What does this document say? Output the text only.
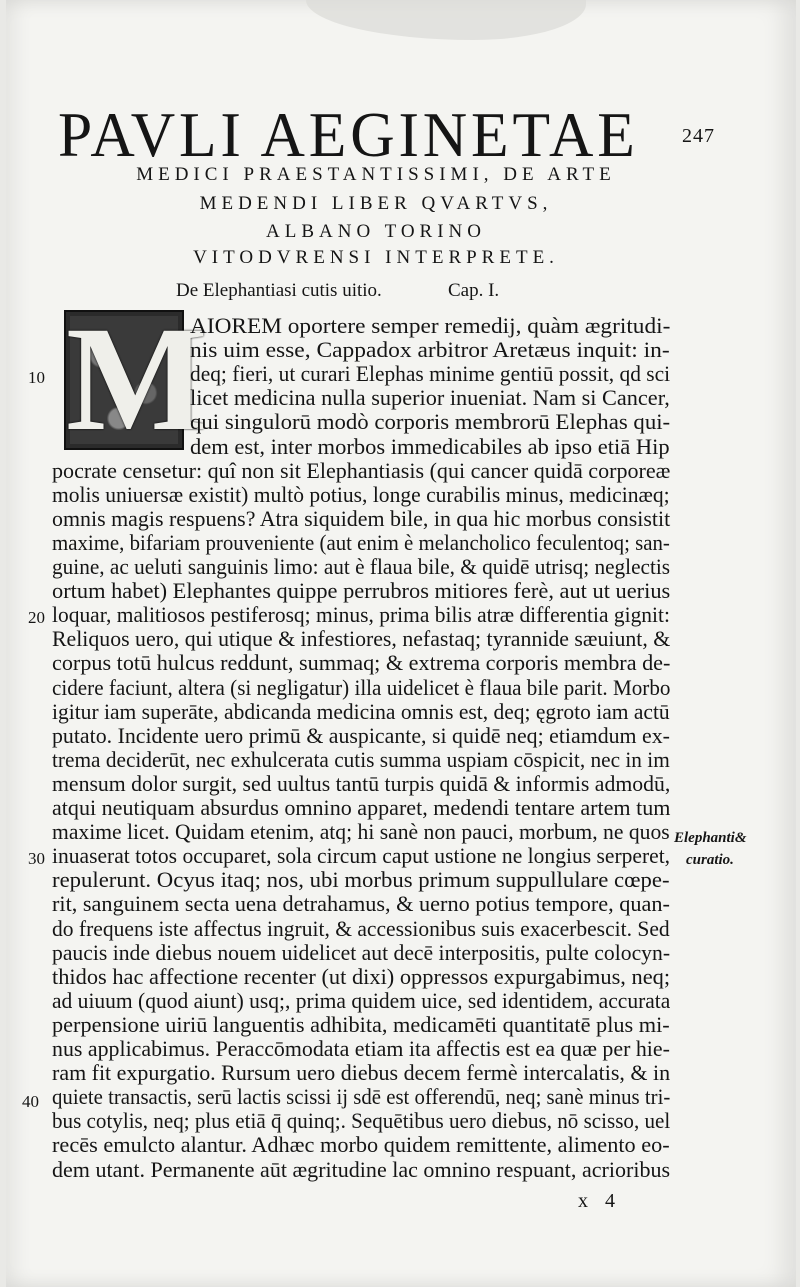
PAVLI AEGINETAE	247
MEDICI PRAESTANTISSIMI, DE ARTE
MEDENDI LIBER QVARTVS,
ALBANO TORINO
VITODVRENSI INTERPRETE.
De Elephantiasi cutis uitio.	Cap. I.
M
AIOREM oportere semper remedij, quàm ægritudi-
nis uim esse, Cappadox arbitror Aretæus inquit: in-
deq; fieri, ut curari Elephas minime gentiū possit, qd sci
licet medicina nulla superior inueniat. Nam si Cancer,
qui singulorū modò corporis membrorū Elephas qui-
dem est, inter morbos immedicabiles ab ipso etiā Hip
pocrate censetur: quî non sit Elephantiasis (qui cancer quidā corporeæ
molis uniuersæ existit) multò potius, longe curabilis minus, medicinæq;
omnis magis respuens? Atra siquidem bile, in qua hic morbus consistit
maxime, bifariam prouveniente (aut enim è melancholico feculentoq; san-
guine, ac ueluti sanguinis limo: aut è flaua bile, & quidē utrisq; neglectis
ortum habet) Elephantes quippe perrubros mitiores ferè, aut ut uerius
loquar, malitiosos pestiferosq; minus, prima bilis atræ differentia gignit:
Reliquos uero, qui utique & infestiores, nefastaq; tyrannide sæuiunt, &
corpus totū hulcus reddunt, summaq; & extrema corporis membra de-
cidere faciunt, altera (si negligatur) illa uidelicet è flaua bile parit. Morbo
igitur iam superāte, abdicanda medicina omnis est, deq; ęgroto iam actū
putato. Incidente uero primū & auspicante, si quidē neq; etiamdum ex-
trema deciderūt, nec exhulcerata cutis summa uspiam cōspicit, nec in im
mensum dolor surgit, sed uultus tantū turpis quidā & informis admodū,
atqui neutiquam absurdus omnino apparet, medendi tentare artem tum
maxime licet. Quidam etenim, atq; hi sanè non pauci, morbum, ne quos
inuaserat totos occuparet, sola circum caput ustione ne longius serperet,
repulerunt. Ocyus itaq; nos, ubi morbus primum suppullulare cœpe-
rit, sanguinem secta uena detrahamus, & uerno potius tempore, quan-
do frequens iste affectus ingruit, & accessionibus suis exacerbescit. Sed
paucis inde diebus nouem uidelicet aut decē interpositis, pulte colocyn-
thidos hac affectione recenter (ut dixi) oppressos expurgabimus, neq;
ad uiuum (quod aiunt) usq;, prima quidem uice, sed identidem, accurata
perpensione uiriū languentis adhibita, medicamēti quantitatē plus mi-
nus applicabimus. Peraccōmodata etiam ita affectis est ea quæ per hie-
ram fit expurgatio. Rursum uero diebus decem fermè intercalatis, & in
quiete transactis, serū lactis scissi ij sdē est offerendū, neq; sanè minus tri-
bus cotylis, neq; plus etiā q̄ quinq;. Sequētibus uero diebus, nō scisso, uel
recēs emulcto alantur. Adhæc morbo quidem remittente, alimento eo-
dem utant. Permanente aūt ægritudine lac omnino respuant, acrioribus
10
20
30
40
Elephanti&
curatio.
x 4
